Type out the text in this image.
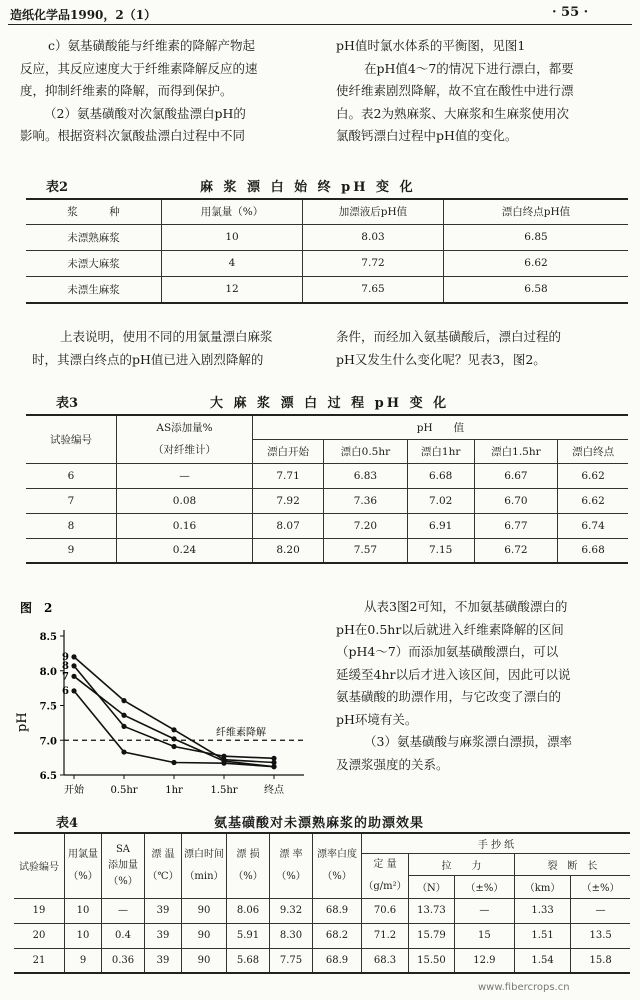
造纸化学品1990，2（1）	· 55 ·

c）氨基磺酸能与纤维素的降解产物起

反应，其反应速度大于纤维素降解反应的速

度，抑制纤维素的降解，而得到保护。

（2）氨基磺酸对次氯酸盐漂白pH的

影响。根据资料次氯酸盐漂白过程中不同

pH值时氯水体系的平衡图，见图1

在pH值4～7的情况下进行漂白，都要

使纤维素剧烈降解，故不宜在酸性中进行漂

白。表2为熟麻浆、大麻浆和生麻浆使用次

氯酸钙漂白过程中pH值的变化。

表2	麻 浆 漂 白 始 终 pH 变 化
浆　　　种	用氯量（%）	加漂液后pH值	漂白终点pH值
未漂熟麻浆	10	8.03	6.85
未漂大麻浆	4	7.72	6.62
未漂生麻浆	12	7.65	6.58

上表说明，使用不同的用氯量漂白麻浆

时，其漂白终点的pH值已进入剧烈降解的

条件，而经加入氨基磺酸后，漂白过程的

pH又发生什么变化呢？见表3，图2。

表3	大 麻 浆 漂 白 过 程 pH 变 化
试验编号	AS添加量%
（对纤维计）	pH　　值				
		漂白开始	漂白0.5hr	漂白1hr	漂白1.5hr	漂白终点
6	—	7.71	6.83	6.68	6.67	6.62
7	0.08	7.92	7.36	7.02	6.70	6.62
8	0.16	8.07	7.20	6.91	6.77	6.74
9	0.24	8.20	7.57	7.15	6.72	6.68
图　2
pH
6.5
7.0
7.5
8.0
8.5
开始	0.5hr	1hr	1.5hr	终点
纤维素降解
6
7
8
9

从表3图2可知，不加氨基磺酸漂白的

pH在0.5hr以后就进入纤维素降解的区间

（pH4～7）而添加氨基磺酸漂白，可以

延缓至4hr以后才进入该区间，因此可以说

氨基磺酸的助漂作用，与它改变了漂白的

pH环境有关。

（3）氨基磺酸与麻浆漂白漂损，漂率

及漂浆强度的关系。

表4	氨基磺酸对未漂熟麻浆的助漂效果
试验编号	用氯量
（%）	SA
添加量
（%）	漂 温
（℃）	漂白时间
（min）	漂 损
（%）	漂 率
（%）	漂率白度
（%）	手 抄 纸				
								定 量
（g/m²）	拉　　力		裂　断　长	
									（N）	（±%）	（km）	（±%）
19	10	—	39	90	8.06	9.32	68.9	70.6	13.73	—	1.33	—
20	10	0.4	39	90	5.91	8.30	68.2	71.2	15.79	15	1.51	13.5
21	9	0.36	39	90	5.68	7.75	68.9	68.3	15.50	12.9	1.54	15.8
www.fibercrops.cn
